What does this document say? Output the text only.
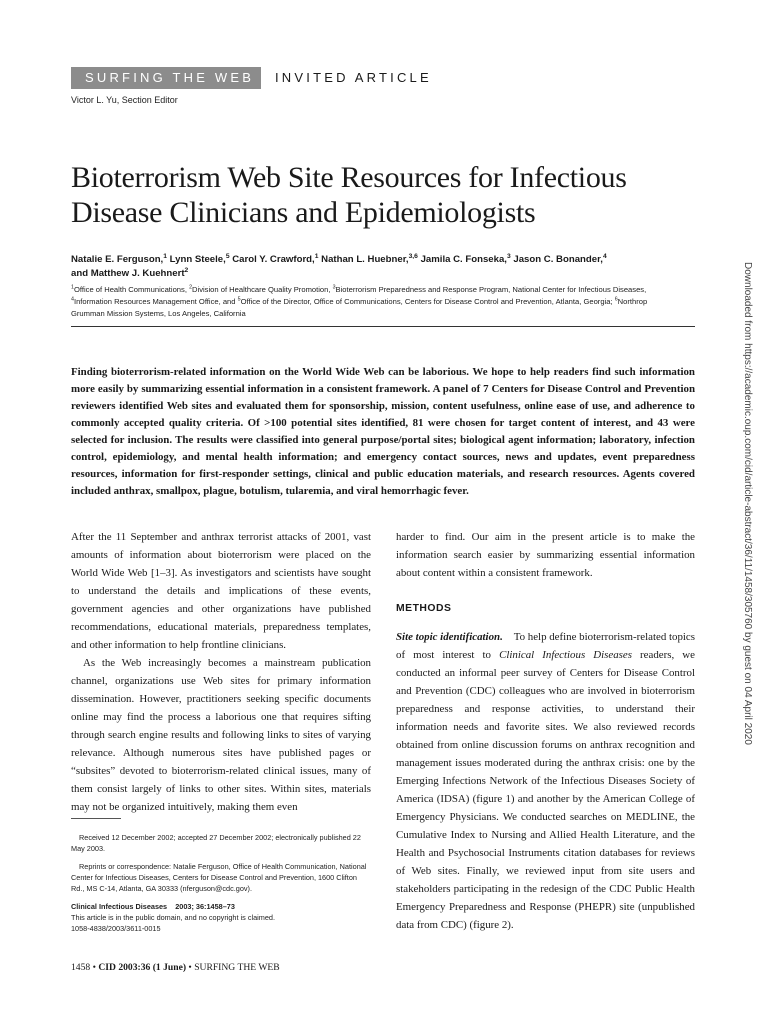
SURFING THE WEB	INVITED ARTICLE
Victor L. Yu, Section Editor
Bioterrorism Web Site Resources for Infectious
Disease Clinicians and Epidemiologists
Natalie E. Ferguson,$^1$ Lynn Steele,$^5$ Carol Y. Crawford,$^1$ Nathan L. Huebner,$^{3,6}$ Jamila C. Fonseka,$^3$ Jason C. Bonander,$^4$
and Matthew J. Kuehnert$^2$
$^1$Office of Health Communications, $^2$Division of Healthcare Quality Promotion, $^3$Bioterrorism Preparedness and Response Program, National Center for Infectious Diseases, $^4$Information Resources Management Office, and $^5$Office of the Director, Office of Communications, Centers for Disease Control and Prevention, Atlanta, Georgia; $^6$Northrop Grumman Mission Systems, Los Angeles, California
Finding bioterrorism-related information on the World Wide Web can be laborious. We hope to help readers find such information more easily by summarizing essential information in a consistent framework. A panel of 7 Centers for Disease Control and Prevention reviewers identified Web sites and evaluated them for sponsorship, mission, content usefulness, online ease of use, and adherence to commonly accepted quality criteria. Of >100 potential sites identified, 81 were chosen for target content of interest, and 43 were selected for inclusion. The results were classified into general purpose/portal sites; biological agent information; laboratory, infection control, epidemiology, and mental health information; and emergency contact sources, news and updates, event preparedness resources, information for first-responder settings, clinical and public education materials, and research resources. Agents covered included anthrax, smallpox, plague, botulism, tularemia, and viral hemorrhagic fever.

After the 11 September and anthrax terrorist attacks of 2001, vast amounts of information about bioterrorism were placed on the World Wide Web [1–3]. As investigators and scientists have sought to understand the details and implications of these events, government agencies and other organizations have published recommendations, educational materials, preparedness templates, and other information to help frontline clinicians.

As the Web increasingly becomes a mainstream publication channel, organizations use Web sites for primary information dissemination. However, practitioners seeking specific documents online may find the process a laborious one that requires sifting through search engine results and following links to sites of varying relevance. Although numerous sites have published pages or “subsites” devoted to bioterrorism-related clinical issues, many of them consist largely of links to other sites. Within sites, materials may not be organized intuitively, making them even

harder to find. Our aim in the present article is to make the information search easier by summarizing essential information about content within a consistent framework.

METHODS

Site topic identification. To help define bioterrorism-related topics of most interest to Clinical Infectious Diseases readers, we conducted an informal peer survey of Centers for Disease Control and Prevention (CDC) colleagues who are involved in bioterrorism preparedness and response activities, to understand their information needs and favorite sites. We also reviewed records obtained from online discussion forums on anthrax recognition and management issues moderated during the anthrax crisis: one by the Emerging Infections Network of the Infectious Diseases Society of America (IDSA) (figure 1) and another by the American College of Emergency Physicians. We conducted searches on MEDLINE, the Cumulative Index to Nursing and Allied Health Literature, and the Health and Psychosocial Instruments citation databases for reviews of Web sites. Finally, we reviewed input from site users and stakeholders participating in the redesign of the CDC Public Health Emergency Preparedness and Response (PHEPR) site (unpublished data from CDC) (figure 2).

Received 12 December 2002; accepted 27 December 2002; electronically published 22 May 2003.

Reprints or correspondence: Natalie Ferguson, Office of Health Communication, National Center for Infectious Diseases, Centers for Disease Control and Prevention, 1600 Clifton Rd., MS C-14, Atlanta, GA 30333 (nferguson@cdc.gov).

Clinical Infectious Diseases 2003; 36:1458–73

This article is in the public domain, and no copyright is claimed.

1058-4838/2003/3611-0015

1458 • CID 2003:36 (1 June) • SURFING THE WEB
Downloaded from https://academic.oup.com/cid/article-abstract/36/11/1458/305760 by guest on 04 April 2020
